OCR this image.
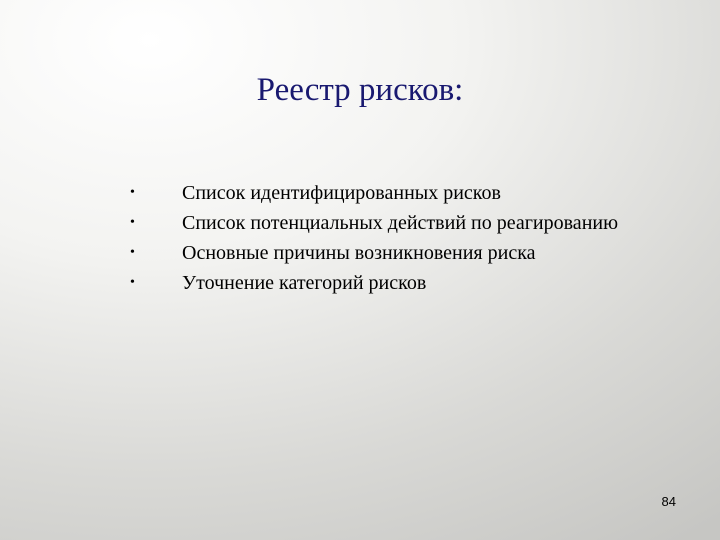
Реестр рисков:
•	Список идентифицированных рисков
•	Список потенциальных действий по реагированию
•	Основные причины возникновения риска
•	Уточнение категорий рисков
84
